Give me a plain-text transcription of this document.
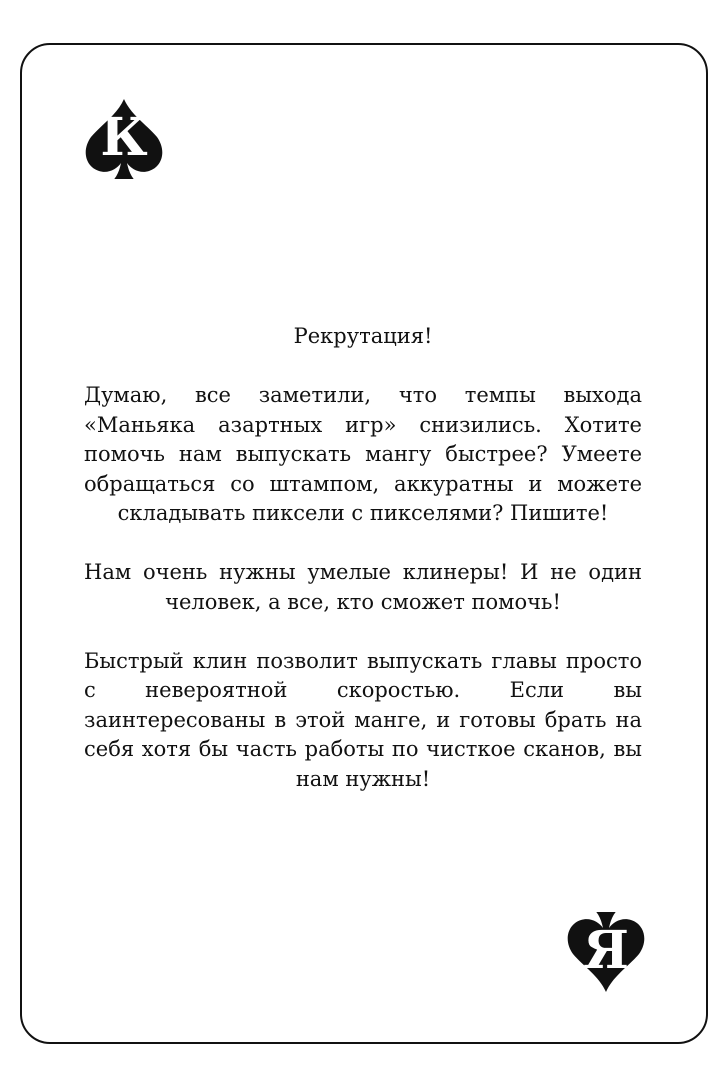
К
Я

Рекрутация!

Думаю, все заметили, что темпы выхода «Маньяка азартных игр» снизились. Хотите помочь нам выпускать мангу быстрее? Умеете обращаться со штампом, аккуратны и можете складывать пиксели с пикселями? Пишите!

Нам очень нужны умелые клинеры! И не один человек, а все, кто сможет помочь!

Быстрый клин позволит выпускать главы просто с невероятной скоростью. Если вы заинтересованы в этой манге, и готовы брать на себя хотя бы часть работы по чисткое сканов, вы нам нужны!
